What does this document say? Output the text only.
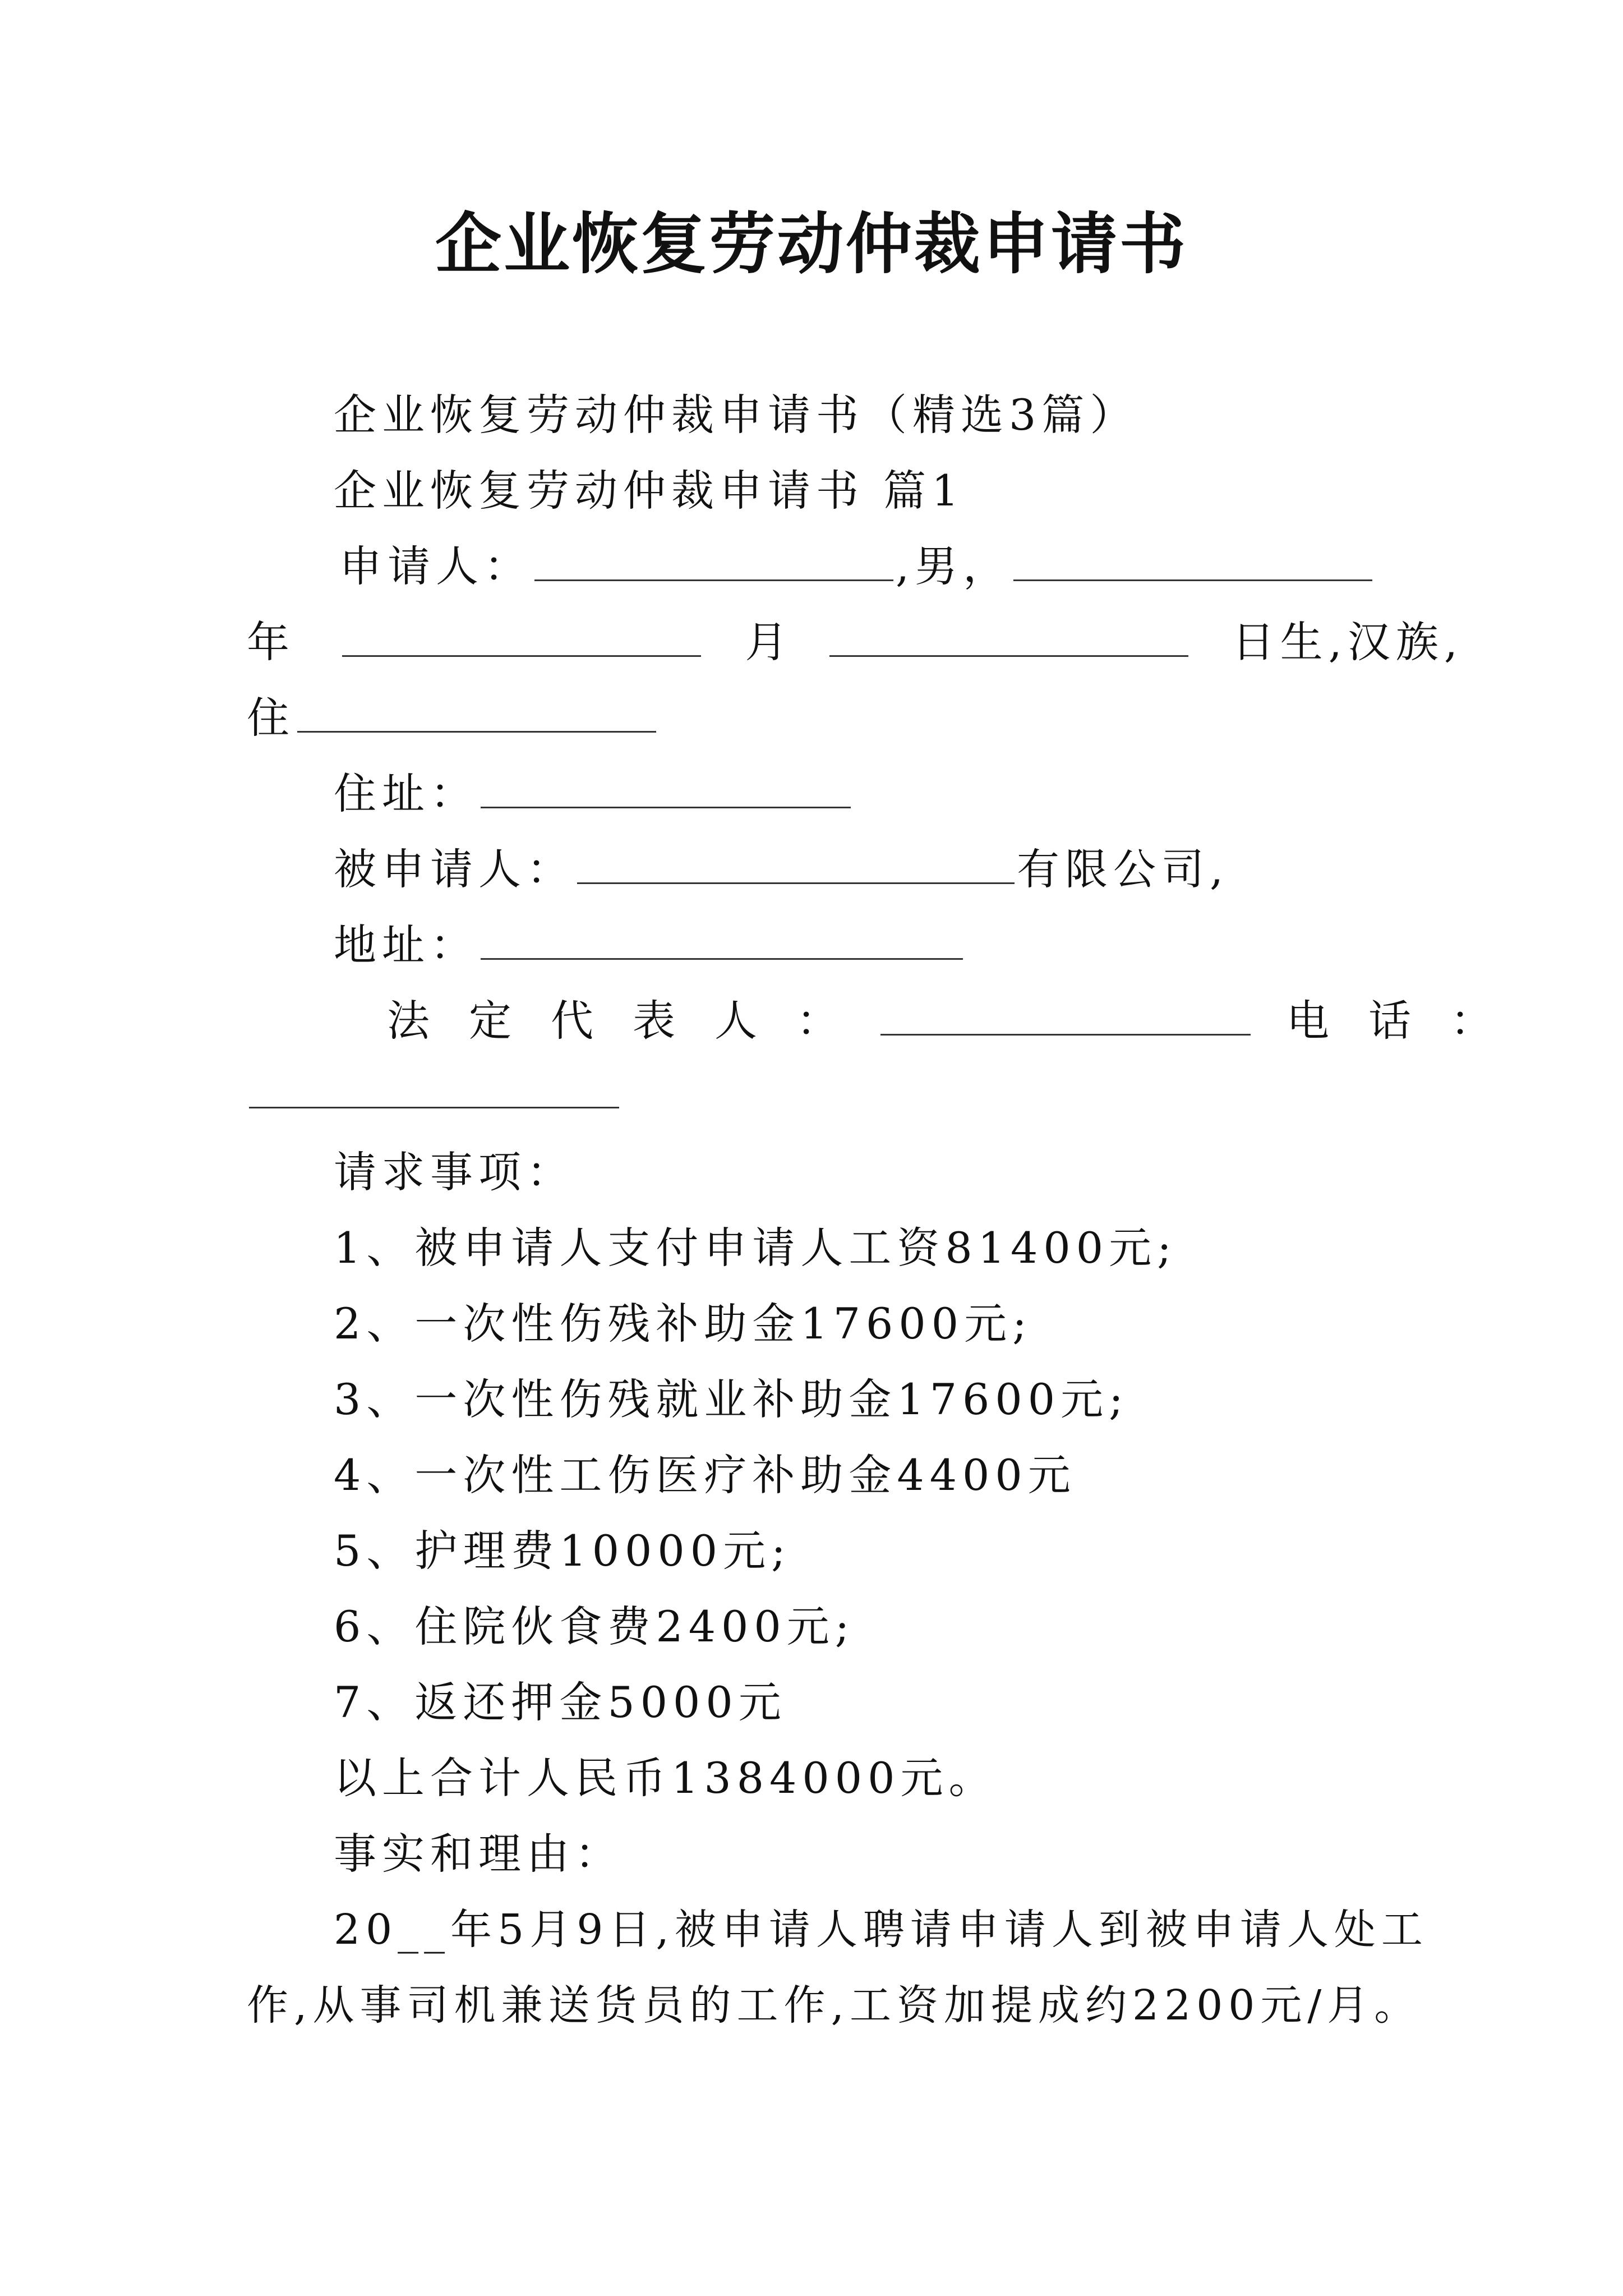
企业恢复劳动仲裁申请书
企业恢复劳动仲裁申请书（精选3篇）
企业恢复劳动仲裁申请书 篇1
申请人：	,男，
年	月	日生,汉族,
住
住址：
被申请人：	有限公司,
地址：
法定代表人：	电话：
请求事项：
1、被申请人支付申请人工资81400元;
2、一次性伤残补助金17600元;
3、一次性伤残就业补助金17600元;
4、一次性工伤医疗补助金4400元
5、护理费10000元;
6、住院伙食费2400元;
7、返还押金5000元
以上合计人民币1384000元。
事实和理由：
20__年5月9日,被申请人聘请申请人到被申请人处工
作,从事司机兼送货员的工作,工资加提成约2200元/月。
